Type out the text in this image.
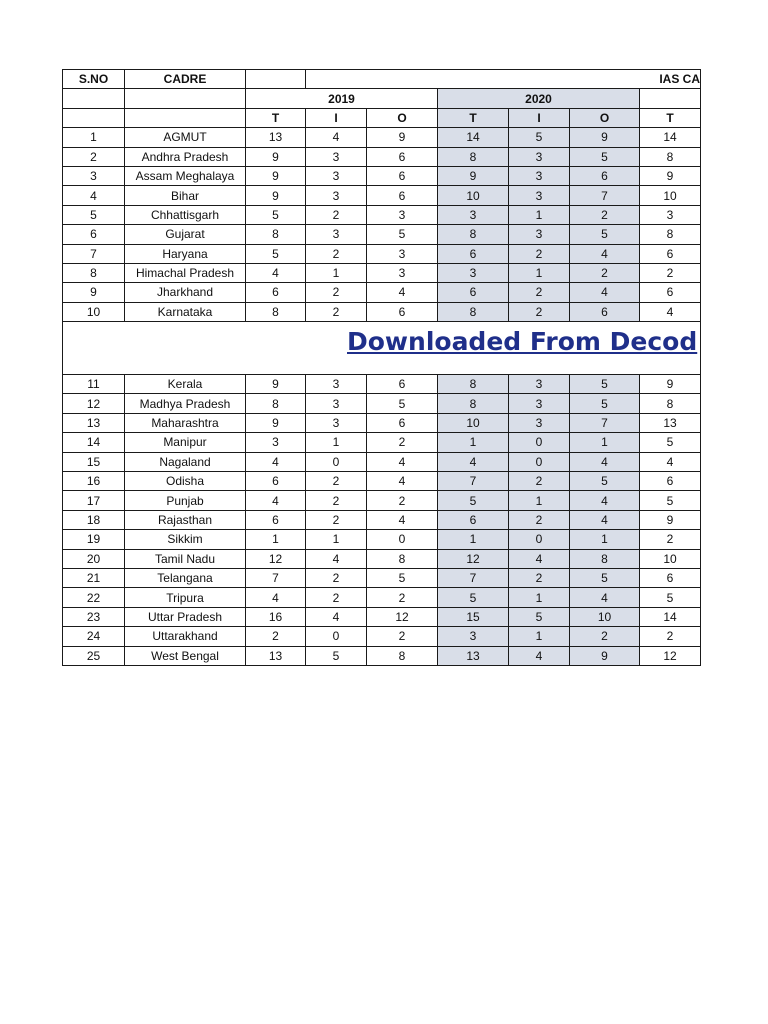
S.NO	CADRE		IAS CA					
		2019			2020			
		T	I	O	T	I	O	T
1	AGMUT	13	4	9	14	5	9	14
2	Andhra Pradesh	9	3	6	8	3	5	8
3	Assam Meghalaya	9	3	6	9	3	6	9
4	Bihar	9	3	6	10	3	7	10
5	Chhattisgarh	5	2	3	3	1	2	3
6	Gujarat	8	3	5	8	3	5	8
7	Haryana	5	2	3	6	2	4	6
8	Himachal Pradesh	4	1	3	3	1	2	2
9	Jharkhand	6	2	4	6	2	4	6
10	Karnataka	8	2	6	8	2	6	4

Downloaded From Decod								

11	Kerala	9	3	6	8	3	5	9
12	Madhya Pradesh	8	3	5	8	3	5	8
13	Maharashtra	9	3	6	10	3	7	13
14	Manipur	3	1	2	1	0	1	5
15	Nagaland	4	0	4	4	0	4	4
16	Odisha	6	2	4	7	2	5	6
17	Punjab	4	2	2	5	1	4	5
18	Rajasthan	6	2	4	6	2	4	9
19	Sikkim	1	1	0	1	0	1	2
20	Tamil Nadu	12	4	8	12	4	8	10
21	Telangana	7	2	5	7	2	5	6
22	Tripura	4	2	2	5	1	4	5
23	Uttar Pradesh	16	4	12	15	5	10	14
24	Uttarakhand	2	0	2	3	1	2	2
25	West Bengal	13	5	8	13	4	9	12
